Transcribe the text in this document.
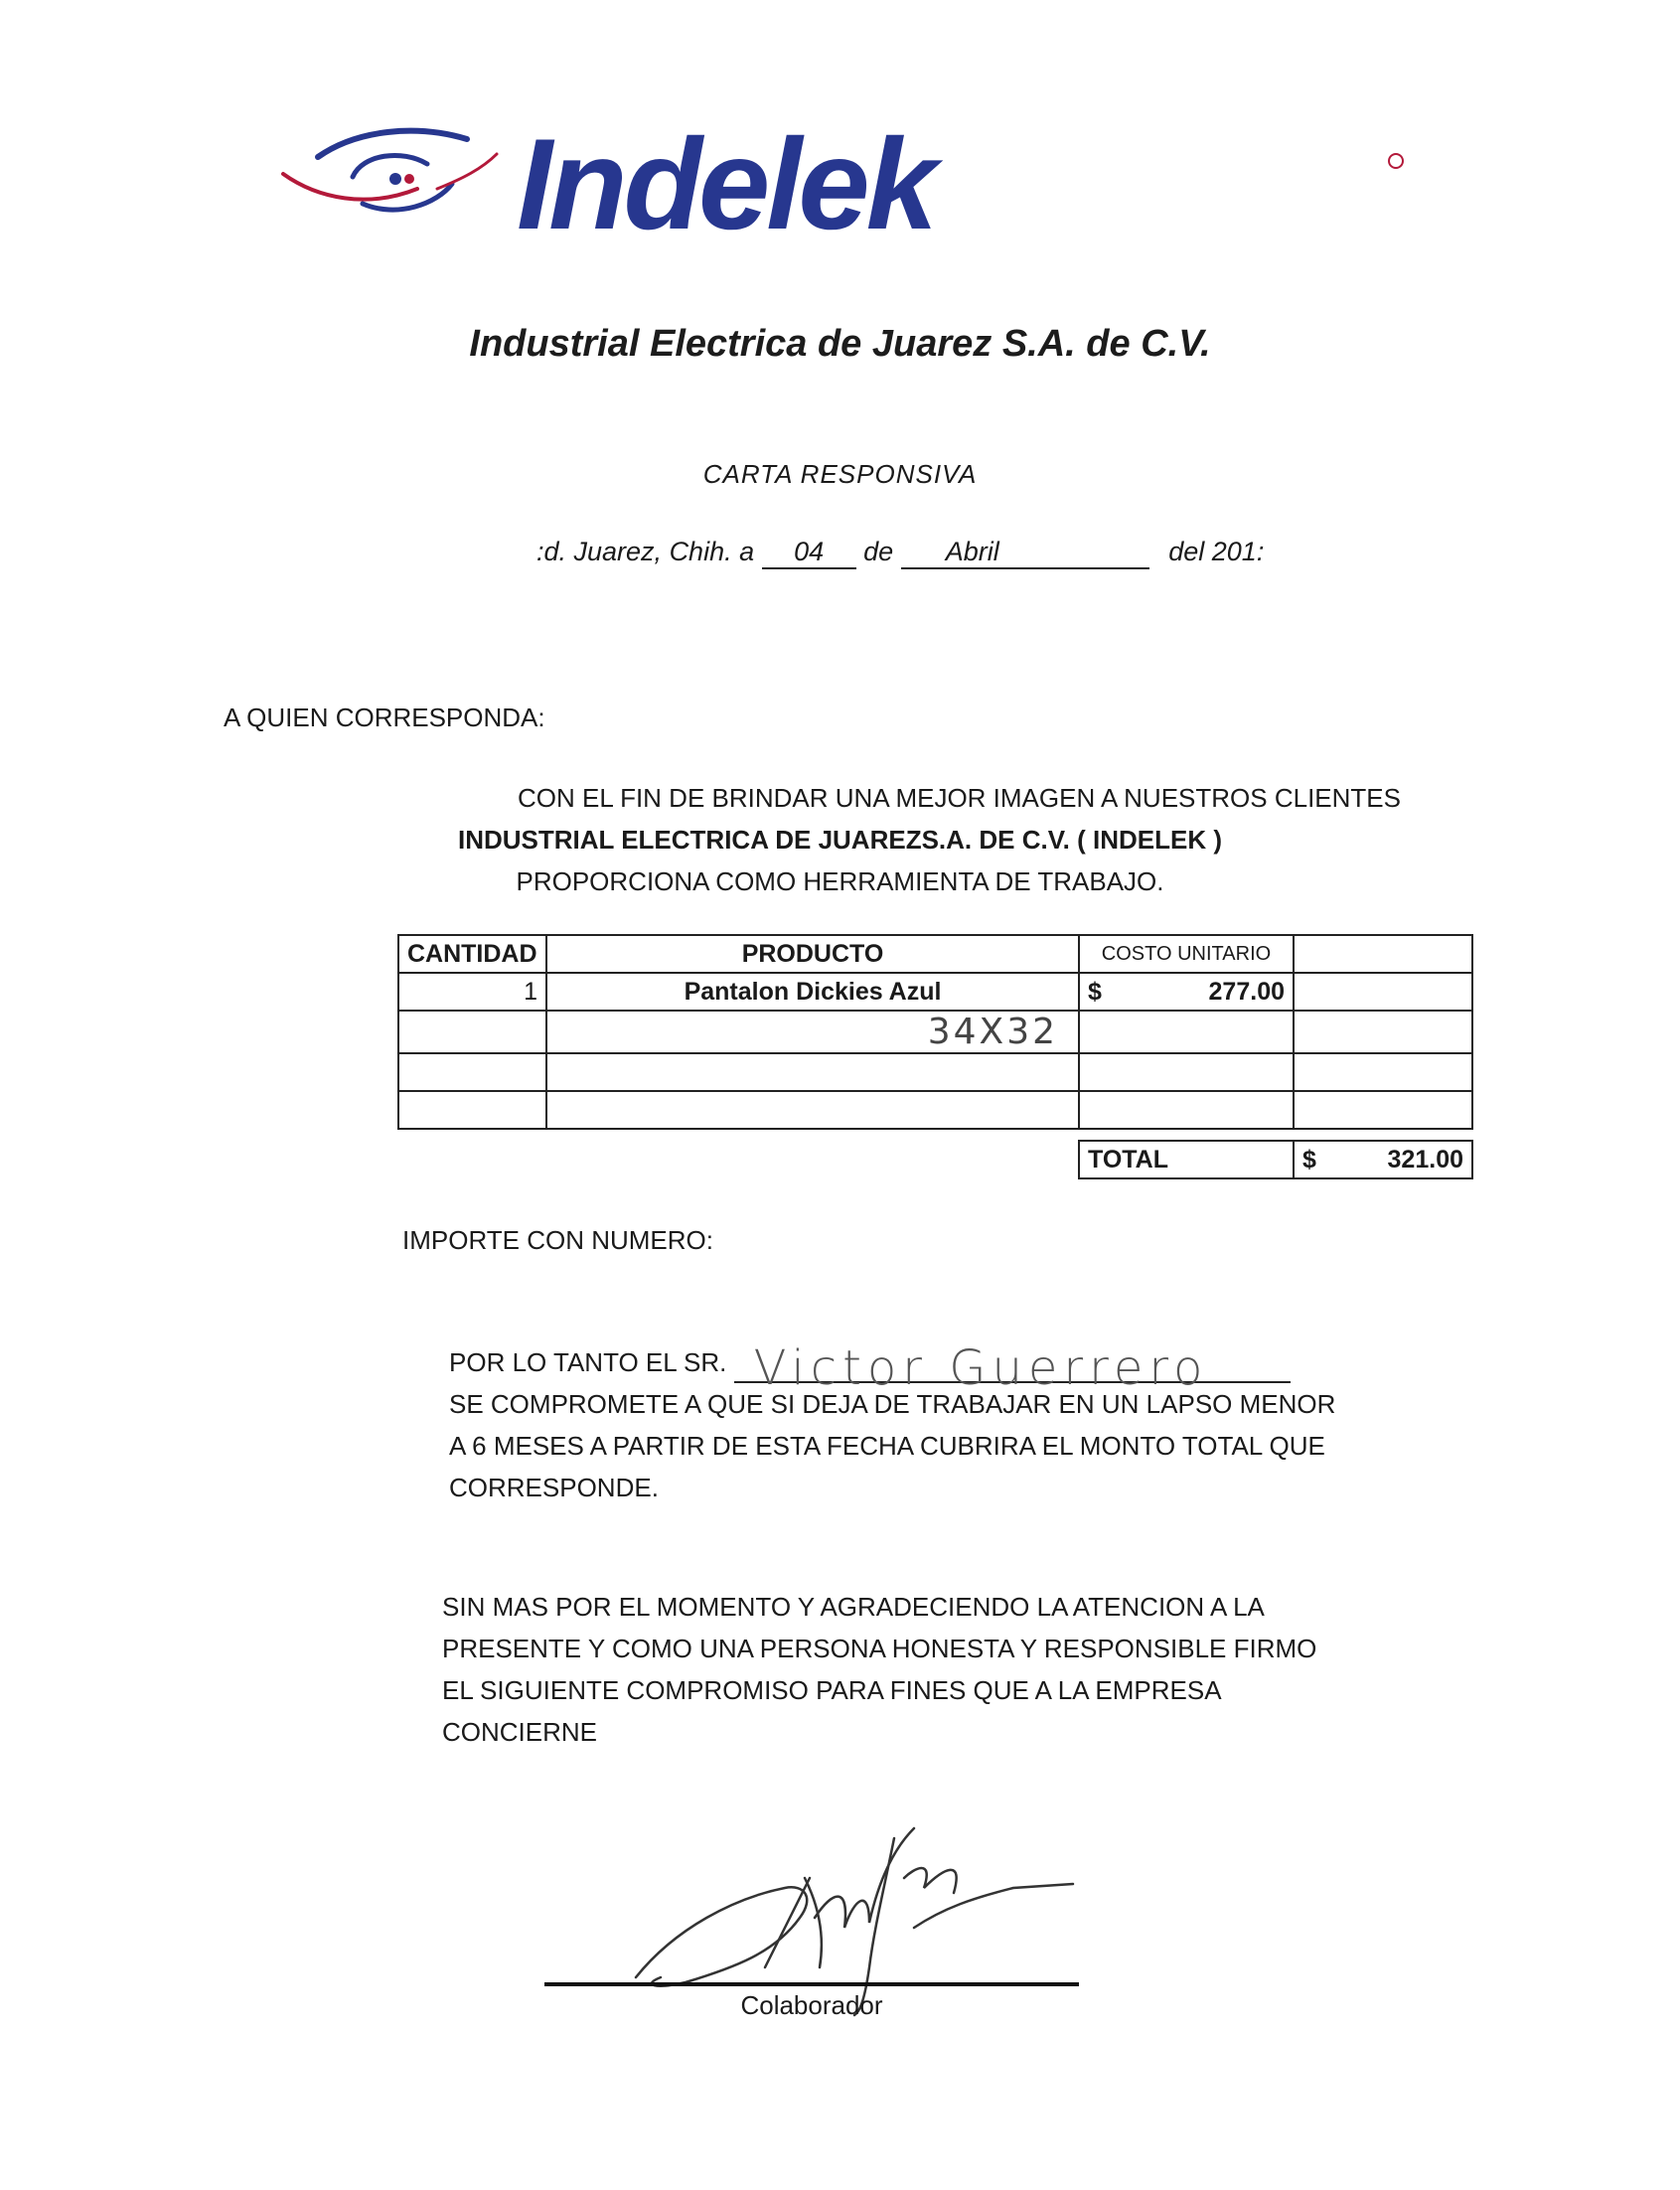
Indelek
Industrial Electrica de Juarez S.A. de C.V.
CARTA RESPONSIVA
:d. Juarez, Chih. a 04 de Abril	del 201:
A QUIEN CORRESPONDA:
CON EL FIN DE BRINDAR UNA MEJOR IMAGEN A NUESTROS CLIENTES
INDUSTRIAL ELECTRICA DE JUAREZS.A. DE C.V. ( INDELEK )
PROPORCIONA COMO HERRAMIENTA DE TRABAJO.
CANTIDAD	PRODUCTO	COSTO UNITARIO	
1	Pantalon Dickies Azul	$ 277.00	

	34X32		

TOTAL	$	321.00
IMPORTE CON NUMERO:
POR LO TANTO EL SR. Victor Guerrero
SE COMPROMETE A QUE SI DEJA DE TRABAJAR EN UN LAPSO MENOR
A 6 MESES A PARTIR DE ESTA FECHA CUBRIRA EL MONTO TOTAL QUE
CORRESPONDE.
SIN MAS POR EL MOMENTO Y AGRADECIENDO LA ATENCION A LA
PRESENTE Y COMO UNA PERSONA HONESTA Y RESPONSIBLE FIRMO
EL SIGUIENTE COMPROMISO PARA FINES QUE A LA EMPRESA
CONCIERNE
Colaborador
